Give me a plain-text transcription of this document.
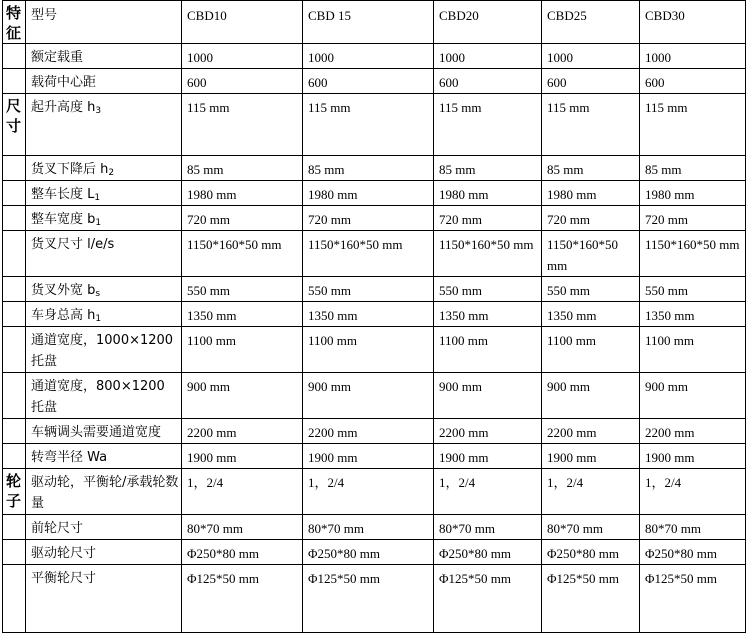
特征	型号	CBD10	CBD 15	CBD20	CBD25	CBD30
	额定载重	1000	1000	1000	1000	1000
	载荷中心距	600	600	600	600	600
尺寸	起升高度 $h_3$	115 mm	115 mm	115 mm	115 mm	115 mm
	货叉下降后 $h_2$	85 mm	85 mm	85 mm	85 mm	85 mm
	整车长度 $L_1$	1980 mm	1980 mm	1980 mm	1980 mm	1980 mm
	整车宽度 $b_1$	720 mm	720 mm	720 mm	720 mm	720 mm
	货叉尺寸 l/e/s	1150*160*50 mm	1150*160*50 mm	1150*160*50 mm	1150*160*50 mm	1150*160*50 mm
	货叉外宽 $b_s$	550 mm	550 mm	550 mm	550 mm	550 mm
	车身总高 $h_1$	1350 mm	1350 mm	1350 mm	1350 mm	1350 mm
	通道宽度，1000×1200 托盘	1100 mm	1100 mm	1100 mm	1100 mm	1100 mm
	通道宽度，800×1200 托盘	900 mm	900 mm	900 mm	900 mm	900 mm
	车辆调头需要通道宽度	2200 mm	2200 mm	2200 mm	2200 mm	2200 mm
	转弯半径 Wa	1900 mm	1900 mm	1900 mm	1900 mm	1900 mm
轮子	驱动轮，平衡轮/承载轮数量	1，2/4	1，2/4	1，2/4	1，2/4	1，2/4
	前轮尺寸	80*70 mm	80*70 mm	80*70 mm	80*70 mm	80*70 mm
	驱动轮尺寸	Φ250*80 mm	Φ250*80 mm	Φ250*80 mm	Φ250*80 mm	Φ250*80 mm
	平衡轮尺寸	Φ125*50 mm	Φ125*50 mm	Φ125*50 mm	Φ125*50 mm	Φ125*50 mm
